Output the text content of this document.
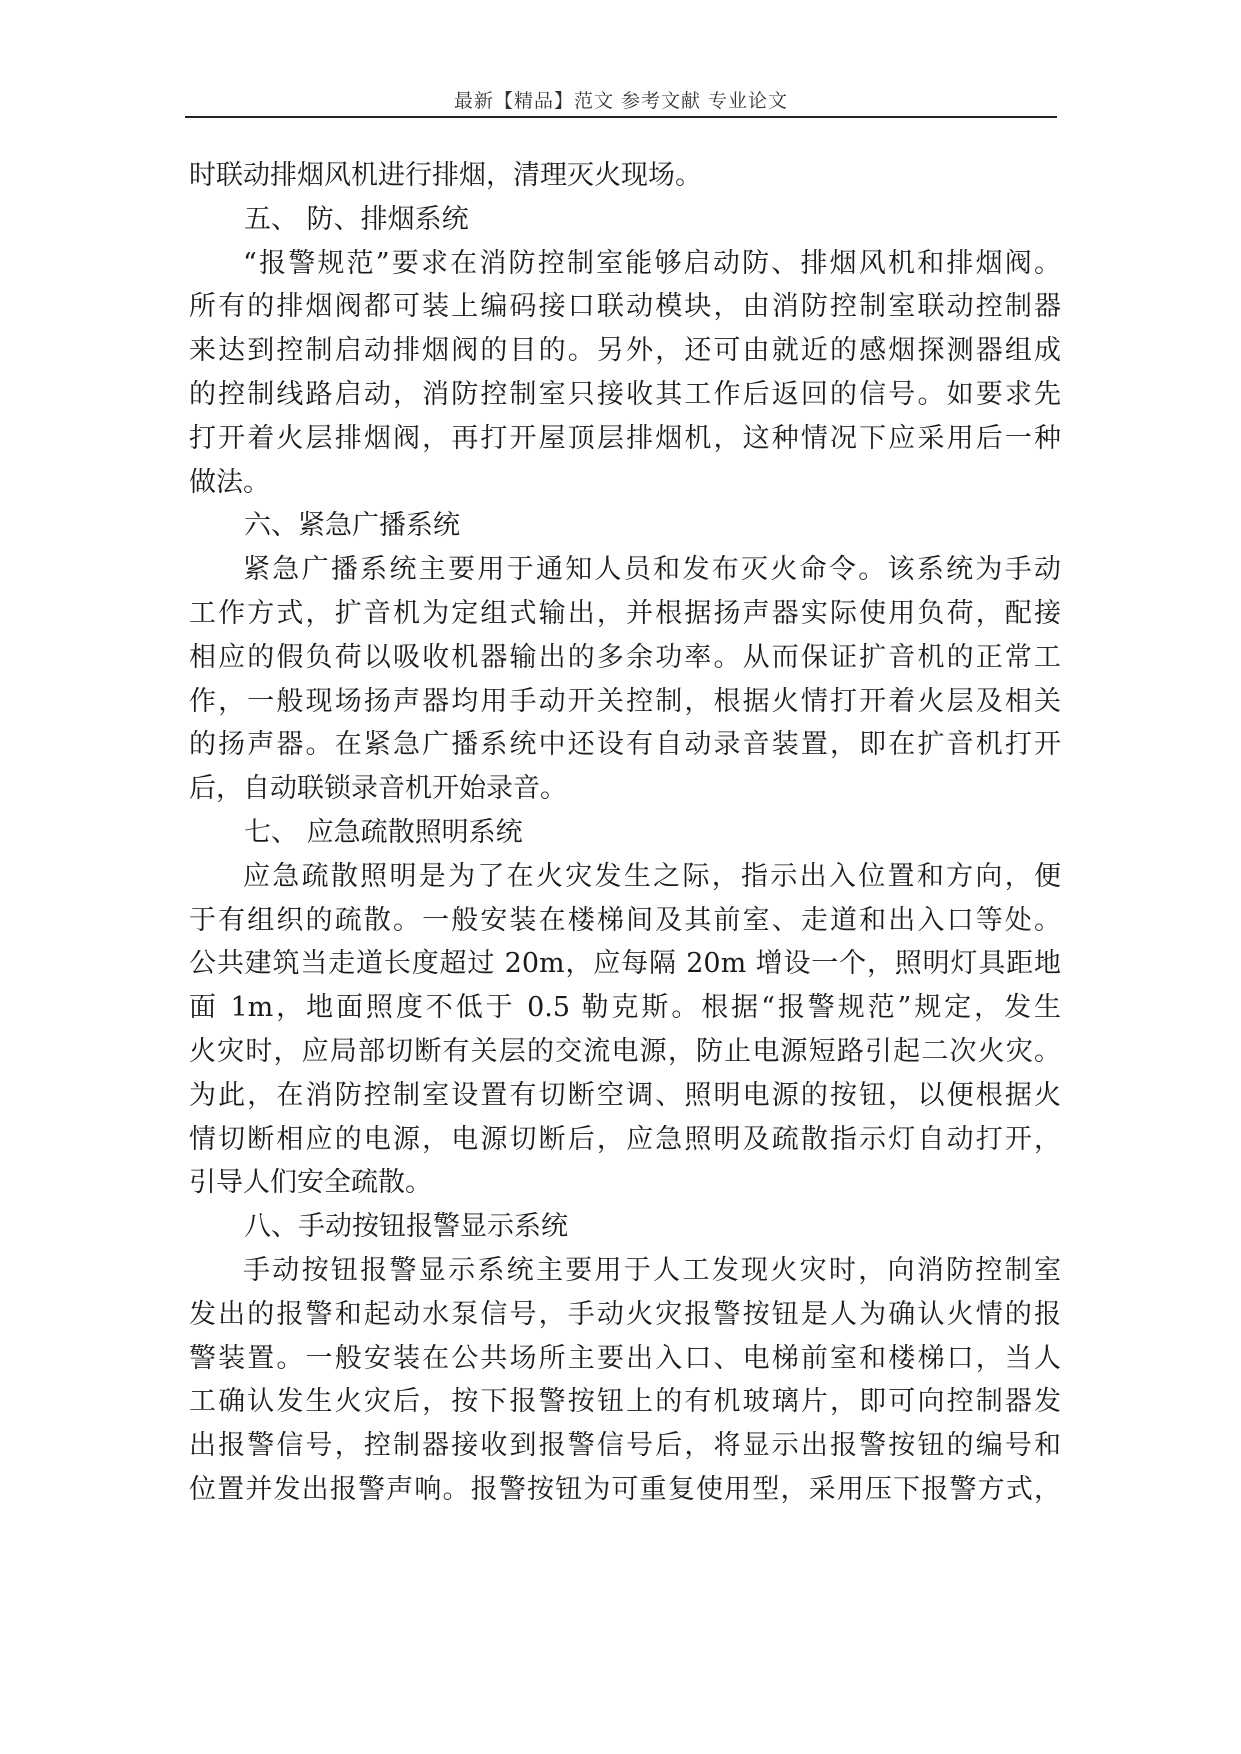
最新【精品】范文 参考文献 专业论文
时联动排烟风机进行排烟，清理灭火现场。
五、 防、排烟系统
“报警规范”要求在消防控制室能够启动防、排烟风机和排烟阀。
所有的排烟阀都可装上编码接口联动模块，由消防控制室联动控制器
来达到控制启动排烟阀的目的。另外，还可由就近的感烟探测器组成
的控制线路启动，消防控制室只接收其工作后返回的信号。如要求先
打开着火层排烟阀，再打开屋顶层排烟机，这种情况下应采用后一种
做法。
六、紧急广播系统
紧急广播系统主要用于通知人员和发布灭火命令。该系统为手动
工作方式，扩音机为定组式输出，并根据扬声器实际使用负荷，配接
相应的假负荷以吸收机器输出的多余功率。从而保证扩音机的正常工
作，一般现场扬声器均用手动开关控制，根据火情打开着火层及相关
的扬声器。在紧急广播系统中还设有自动录音装置，即在扩音机打开
后，自动联锁录音机开始录音。
七、 应急疏散照明系统
应急疏散照明是为了在火灾发生之际，指示出入位置和方向，便
于有组织的疏散。一般安装在楼梯间及其前室、走道和出入口等处。
公共建筑当走道长度超过 20m，应每隔 20m 增设一个，照明灯具距地
面 1m，地面照度不低于 0.5 勒克斯。根据“报警规范”规定，发生
火灾时，应局部切断有关层的交流电源，防止电源短路引起二次火灾。
为此，在消防控制室设置有切断空调、照明电源的按钮，以便根据火
情切断相应的电源，电源切断后，应急照明及疏散指示灯自动打开，
引导人们安全疏散。
八、手动按钮报警显示系统
手动按钮报警显示系统主要用于人工发现火灾时，向消防控制室
发出的报警和起动水泵信号，手动火灾报警按钮是人为确认火情的报
警装置。一般安装在公共场所主要出入口、电梯前室和楼梯口，当人
工确认发生火灾后，按下报警按钮上的有机玻璃片，即可向控制器发
出报警信号，控制器接收到报警信号后，将显示出报警按钮的编号和
位置并发出报警声响。报警按钮为可重复使用型，采用压下报警方式，
